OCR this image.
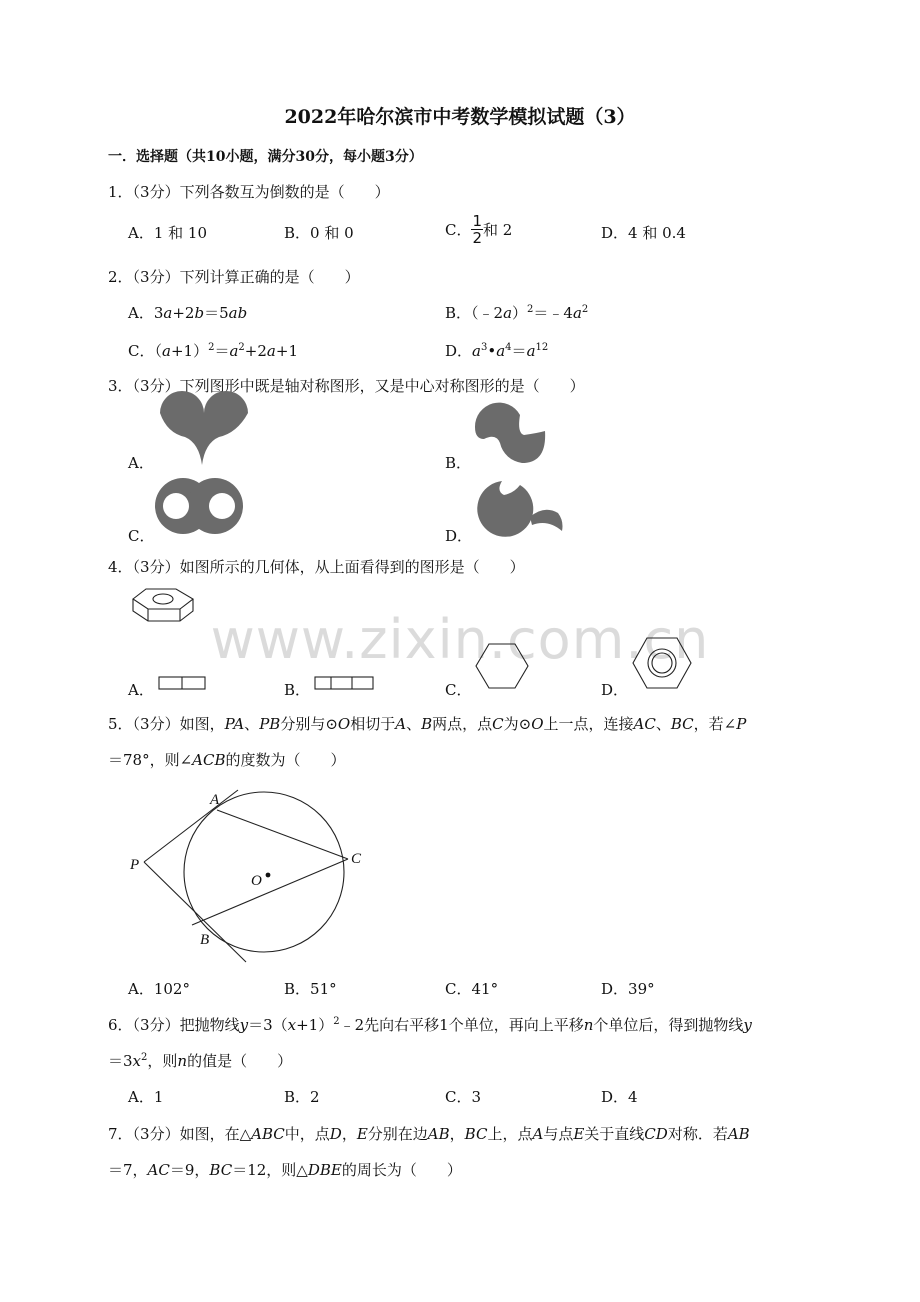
2022年哈尔滨市中考数学模拟试题（3）
一．选择题（共10小题，满分30分，每小题3分）
www.zixin.com.cn
1．（3分）下列各数互为倒数的是（　　）
A．1 和 10	B．0 和 0	C． $\frac{1}{2}$ 和 2	D．4 和 0.4
2．（3分）下列计算正确的是（　　）
A．3a+2b＝5ab	B．$(﹣2a)^2=﹣4a^2$
C．$(a+1)^2=a^2+2a+1$	D．$a^3•a^4=a^{12}$
3．（3分）下列图形中既是轴对称图形，又是中心对称图形的是（　　）
A．	B．
C．	D．
4．（3分）如图所示的几何体，从上面看得到的图形是（　　）
A．	B．	C．	D．
5．（3分）如图，PA、PB分别与⊙O相切于A、B两点，点C为⊙O上一点，连接AC、BC，若∠P
＝78°，则∠ACB的度数为（　　）
A
B
C
P
O
A．102°	B．51°	C．41°	D．39°
6．（3分）把抛物线$y=3(x+1)^2﹣2$先向右平移1个单位，再向上平移n个单位后，得到抛物线y
$=3x^2$，则n的值是（　　）
A．1	B．2	C．3	D．4
7．（3分）如图，在△ABC中，点D，E分别在边AB，BC上，点A与点E关于直线CD对称．若AB
＝7，AC＝9，BC＝12，则△DBE的周长为（　　）
